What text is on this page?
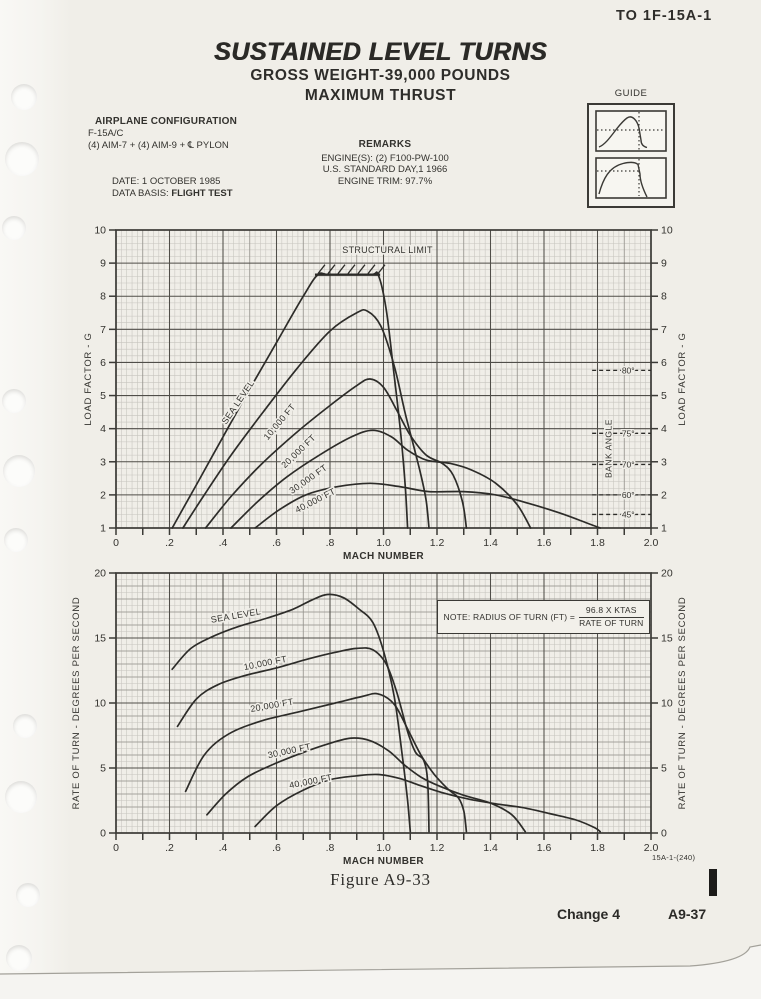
TO 1F-15A-1
SUSTAINED LEVEL TURNS
GROSS WEIGHT-39,000 POUNDS
MAXIMUM THRUST
AIRPLANE CONFIGURATION
F-15A/C
(4) AIM-7 + (4) AIM-9 + ℄ PYLON
DATE: 1 OCTOBER 1985
DATA BASIS: FLIGHT TEST
REMARKS
ENGINE(S): (2) F100-PW-100
U.S. STANDARD DAY,1 1966
ENGINE TRIM: 97.7%
GUIDE
0	.2	.4	.6	.8	1.0	1.2	1.4	1.6	1.8	2.0
1	1
2	2
3	3
4	4
5	5
6	6
7	7
8	8
9	9
10	10
MACH NUMBER
LOAD FACTOR - G	LOAD FACTOR - G
STRUCTURAL LIMIT
80°
75°
70°
60°
45°
BANK ANGLE
SEA LEVEL 10,000 FT
20,000 FT
30,000 FT
40,000 FT
0	.2	.4	.6	.8	1.0	1.2	1.4	1.6	1.8	2.0
0	0
5	5
10	10
15	15
20	20
MACH NUMBER
RATE OF TURN - DEGREES PER SECOND	RATE OF TURN - DEGREES PER SECOND
SEA LEVEL
10,000 FT
20,000 FT
30,000 FT
40,000 FT
NOTE: RADIUS OF TURN $(FT) = \frac{\text{96.8 X KTAS}}{\text{RATE OF TURN}}$
15A-1-(240)
Figure A9-33
Change 4	A9-37
